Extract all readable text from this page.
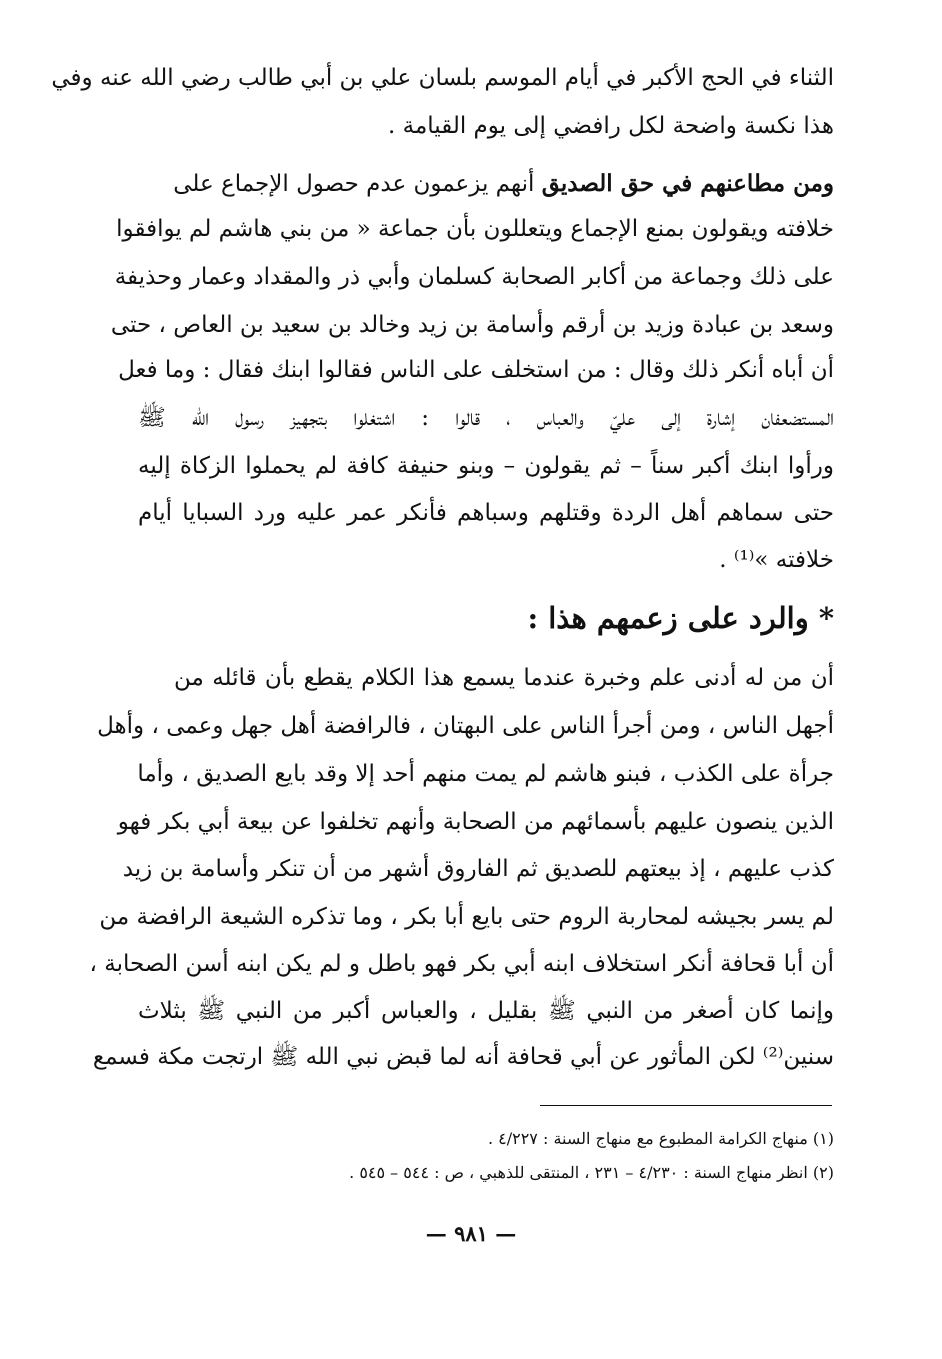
الثناء في الحج الأكبر في أيام الموسم بلسان علي بن أبي طالب رضي الله عنه وفي
هذا نكسة واضحة لكل رافضي إلى يوم القيامة .
ومن مطاعنهم في حق الصديق أنهم يزعمون عدم حصول الإجماع على
خلافته ويقولون بمنع الإجماع ويتعللون بأن جماعة « من بني هاشم لم يوافقوا
على ذلك وجماعة من أكابر الصحابة كسلمان وأبي ذر والمقداد وعمار وحذيفة
وسعد بن عبادة وزيد بن أرقم وأسامة بن زيد وخالد بن سعيد بن العاص ، حتى
أن أباه أنكر ذلك وقال : من استخلف على الناس فقالوا ابنك فقال : وما فعل
المستضعفان إشارة إلى عليّ والعباس ، قالوا : اشتغلوا بتجهيز رسول الله ﷺ
ورأوا ابنك أكبر سناً – ثم يقولون – وبنو حنيفة كافة لم يحملوا الزكاة إليه
حتى سماهم أهل الردة وقتلهم وسباهم فأنكر عمر عليه ورد السبايا أيام
خلافته »⁽¹⁾ .
* والرد على زعمهم هذا :
أن من له أدنى علم وخبرة عندما يسمع هذا الكلام يقطع بأن قائله من
أجهل الناس ، ومن أجرأ الناس على البهتان ، فالرافضة أهل جهل وعمى ، وأهل
جرأة على الكذب ، فبنو هاشم لم يمت منهم أحد إلا وقد بايع الصديق ، وأما
الذين ينصون عليهم بأسمائهم من الصحابة وأنهم تخلفوا عن بيعة أبي بكر فهو
كذب عليهم ، إذ بيعتهم للصديق ثم الفاروق أشهر من أن تنكر وأسامة بن زيد
لم يسر بجيشه لمحاربة الروم حتى بايع أبا بكر ، وما تذكره الشيعة الرافضة من
أن أبا قحافة أنكر استخلاف ابنه أبي بكر فهو باطل و لم يكن ابنه أسن الصحابة ،
وإنما كان أصغر من النبي ﷺ بقليل ، والعباس أكبر من النبي ﷺ بثلاث
سنين⁽²⁾ لكن المأثور عن أبي قحافة أنه لما قبض نبي الله ﷺ ارتجت مكة فسمع
(١) منهاج الكرامة المطبوع مع منهاج السنة : ٤/٢٢٧ .
(٢) انظر منهاج السنة : ٤/٢٣٠ – ٢٣١ ، المنتقى للذهبي ، ص : ٥٤٤ – ٥٤٥ .
— ٩٨١ —
